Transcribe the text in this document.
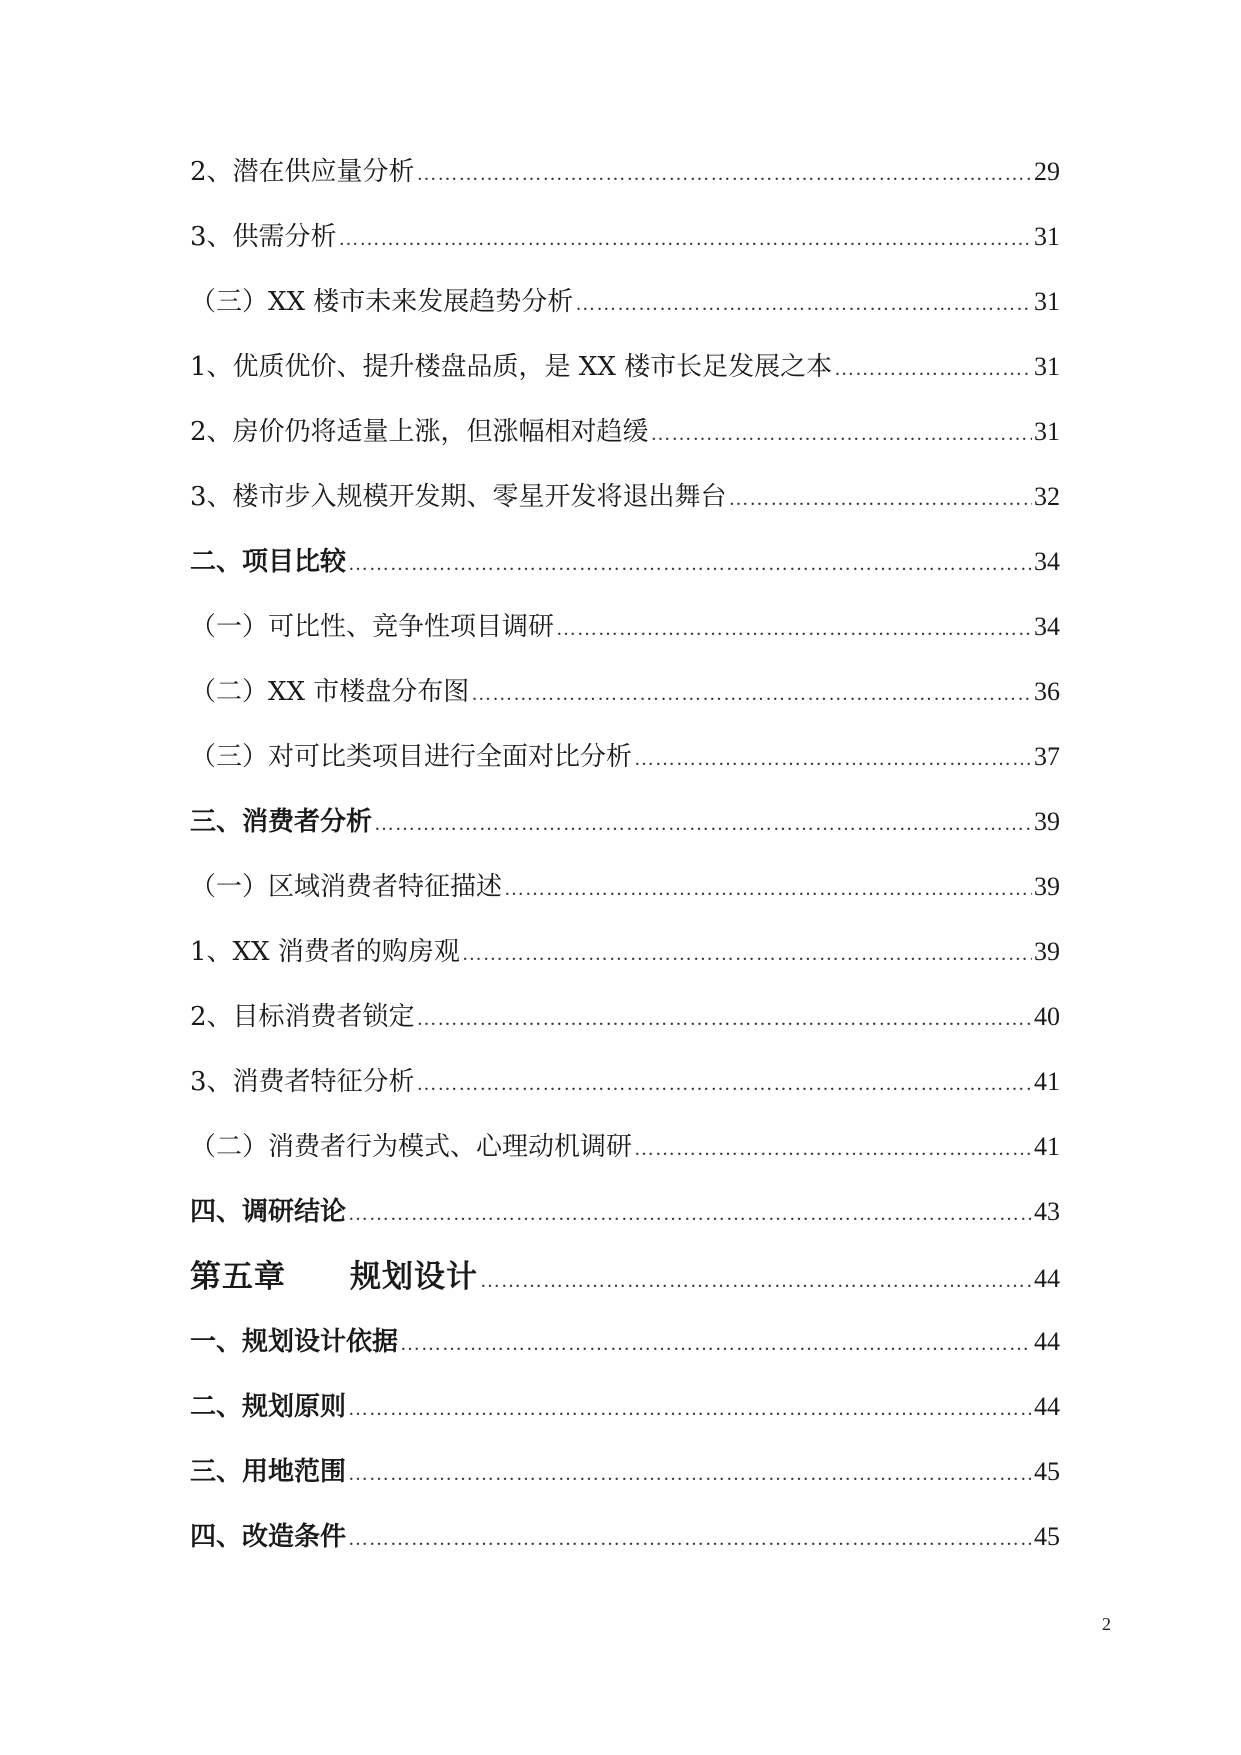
2、潜在供应量分析 …………………………………………………………………………………………………………………………………………………………………………………………	29
3、供需分析 …………………………………………………………………………………………………………………………………………………………………………………………	31
（三）XX 楼市未来发展趋势分析 …………………………………………………………………………………………………………………………………………………………………………………………	31
1、优质优价、提升楼盘品质，是 XX 楼市长足发展之本 …………………………………………………………………………………………………………………………………………………………………………………………	31
2、房价仍将适量上涨，但涨幅相对趋缓 …………………………………………………………………………………………………………………………………………………………………………………………	31
3、楼市步入规模开发期、零星开发将退出舞台 …………………………………………………………………………………………………………………………………………………………………………………………	32
二、项目比较 …………………………………………………………………………………………………………………………………………………………………………………………	34
（一）可比性、竞争性项目调研 …………………………………………………………………………………………………………………………………………………………………………………………	34
（二）XX 市楼盘分布图 …………………………………………………………………………………………………………………………………………………………………………………………	36
（三）对可比类项目进行全面对比分析 …………………………………………………………………………………………………………………………………………………………………………………………	37
三、消费者分析 …………………………………………………………………………………………………………………………………………………………………………………………	39
（一）区域消费者特征描述 …………………………………………………………………………………………………………………………………………………………………………………………	39
1、XX 消费者的购房观 …………………………………………………………………………………………………………………………………………………………………………………………	39
2、目标消费者锁定 …………………………………………………………………………………………………………………………………………………………………………………………	40
3、消费者特征分析 …………………………………………………………………………………………………………………………………………………………………………………………	41
（二）消费者行为模式、心理动机调研 …………………………………………………………………………………………………………………………………………………………………………………………	41
四、调研结论 …………………………………………………………………………………………………………………………………………………………………………………………	43
第五章　　规划设计 …………………………………………………………………………………………………………………………………………………………………………………………	44
一、规划设计依据 …………………………………………………………………………………………………………………………………………………………………………………………	44
二、规划原则 …………………………………………………………………………………………………………………………………………………………………………………………	44
三、用地范围 …………………………………………………………………………………………………………………………………………………………………………………………	45
四、改造条件 …………………………………………………………………………………………………………………………………………………………………………………………	45
2
